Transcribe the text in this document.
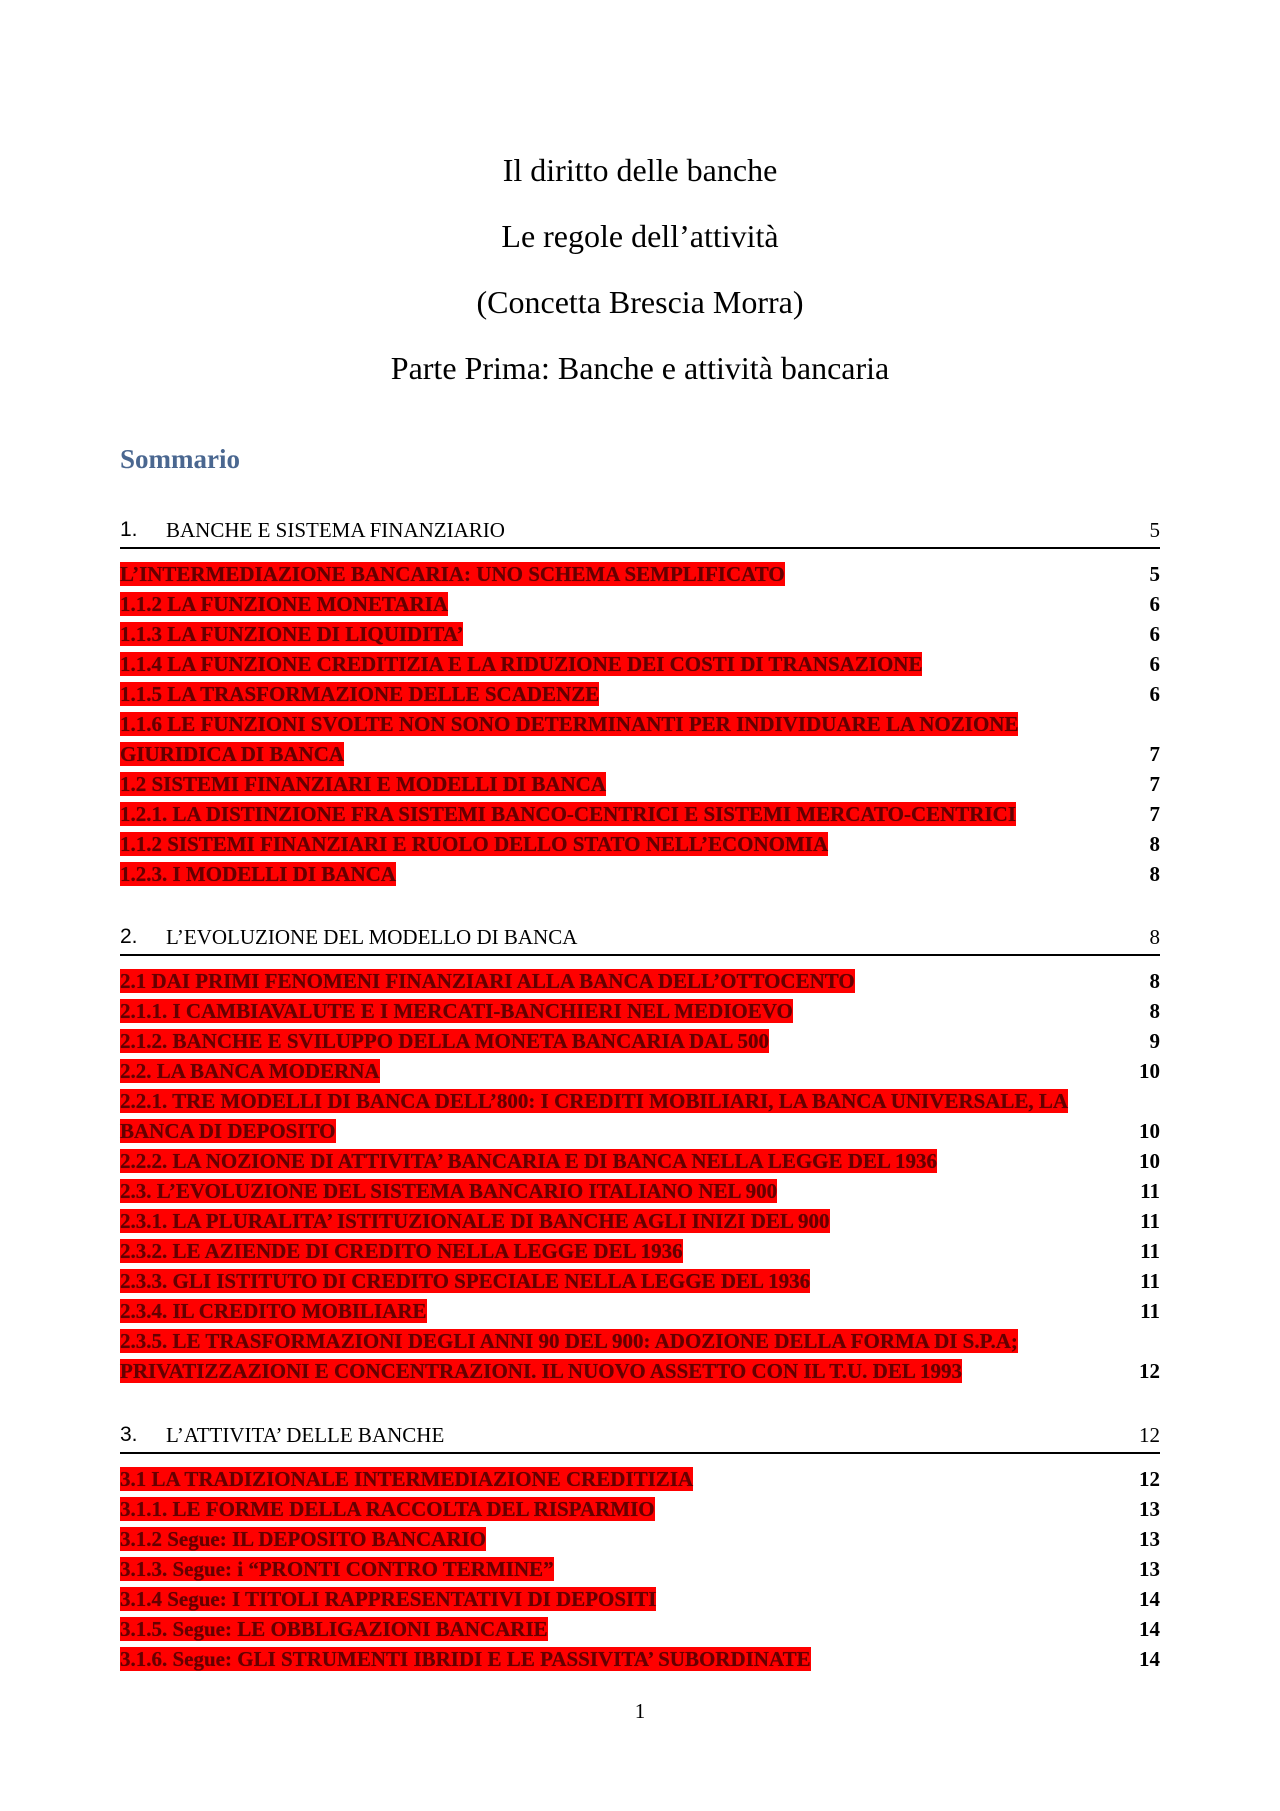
Il diritto delle banche
Le regole dell’attività
(Concetta Brescia Morra)
Parte Prima: Banche e attività bancaria
Sommario
1. BANCHE E SISTEMA FINANZIARIO	5
L’INTERMEDIAZIONE BANCARIA: UNO SCHEMA SEMPLIFICATO	5
1.1.2 LA FUNZIONE MONETARIA	6
1.1.3 LA FUNZIONE DI LIQUIDITA’	6
1.1.4 LA FUNZIONE CREDITIZIA E LA RIDUZIONE DEI COSTI DI TRANSAZIONE	6
1.1.5 LA TRASFORMAZIONE DELLE SCADENZE	6
1.1.6 LE FUNZIONI SVOLTE NON SONO DETERMINANTI PER INDIVIDUARE LA NOZIONE GIURIDICA DI BANCA	7
1.2 SISTEMI FINANZIARI E MODELLI DI BANCA	7
1.2.1. LA DISTINZIONE FRA SISTEMI BANCO-CENTRICI E SISTEMI MERCATO-CENTRICI	7
1.1.2 SISTEMI FINANZIARI E RUOLO DELLO STATO NELL’ECONOMIA	8
1.2.3. I MODELLI DI BANCA	8
2. L’EVOLUZIONE DEL MODELLO DI BANCA	8
2.1 DAI PRIMI FENOMENI FINANZIARI ALLA BANCA DELL’OTTOCENTO	8
2.1.1. I CAMBIAVALUTE E I MERCATI-BANCHIERI NEL MEDIOEVO	8
2.1.2. BANCHE E SVILUPPO DELLA MONETA BANCARIA DAL 500	9
2.2. LA BANCA MODERNA	10
2.2.1. TRE MODELLI DI BANCA DELL’800: I CREDITI MOBILIARI, LA BANCA UNIVERSALE, LA BANCA DI DEPOSITO	10
2.2.2. LA NOZIONE DI ATTIVITA’ BANCARIA E DI BANCA NELLA LEGGE DEL 1936	10
2.3. L’EVOLUZIONE DEL SISTEMA BANCARIO ITALIANO NEL 900	11
2.3.1. LA PLURALITA’ ISTITUZIONALE DI BANCHE AGLI INIZI DEL 900	11
2.3.2. LE AZIENDE DI CREDITO NELLA LEGGE DEL 1936	11
2.3.3. GLI ISTITUTO DI CREDITO SPECIALE NELLA LEGGE DEL 1936	11
2.3.4. IL CREDITO MOBILIARE	11
2.3.5. LE TRASFORMAZIONI DEGLI ANNI 90 DEL 900: ADOZIONE DELLA FORMA DI S.P.A; PRIVATIZZAZIONI E CONCENTRAZIONI. IL NUOVO ASSETTO CON IL T.U. DEL 1993	12
3. L’ATTIVITA’ DELLE BANCHE	12
3.1 LA TRADIZIONALE INTERMEDIAZIONE CREDITIZIA	12
3.1.1. LE FORME DELLA RACCOLTA DEL RISPARMIO	13
3.1.2 Segue: IL DEPOSITO BANCARIO	13
3.1.3. Segue: i “PRONTI CONTRO TERMINE”	13
3.1.4 Segue: I TITOLI RAPPRESENTATIVI DI DEPOSITI	14
3.1.5. Segue: LE OBBLIGAZIONI BANCARIE	14
3.1.6. Segue: GLI STRUMENTI IBRIDI E LE PASSIVITA’ SUBORDINATE	14
1
